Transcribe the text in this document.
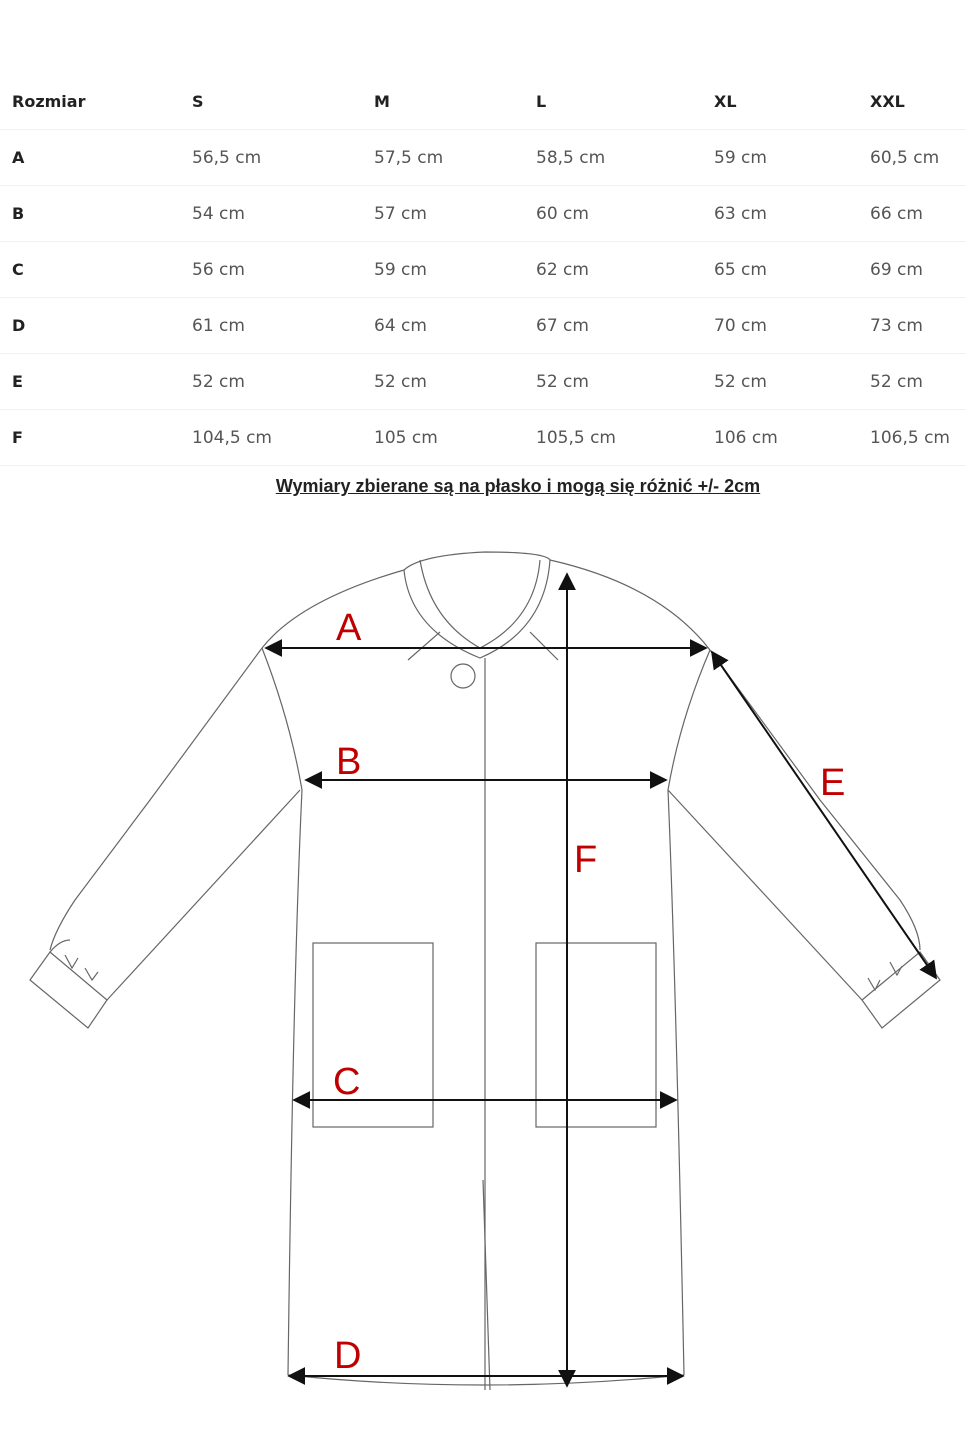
Rozmiar	S	M	L	XL	XXL
A	56,5 cm	57,5 cm	58,5 cm	59 cm	60,5 cm
B	54 cm	57 cm	60 cm	63 cm	66 cm
C	56 cm	59 cm	62 cm	65 cm	69 cm
D	61 cm	64 cm	67 cm	70 cm	73 cm
E	52 cm	52 cm	52 cm	52 cm	52 cm
F	104,5 cm	105 cm	105,5 cm	106 cm	106,5 cm
Wymiary zbierane są na płasko i mogą się różnić +/- 2cm
A
B
C
D
E
F
